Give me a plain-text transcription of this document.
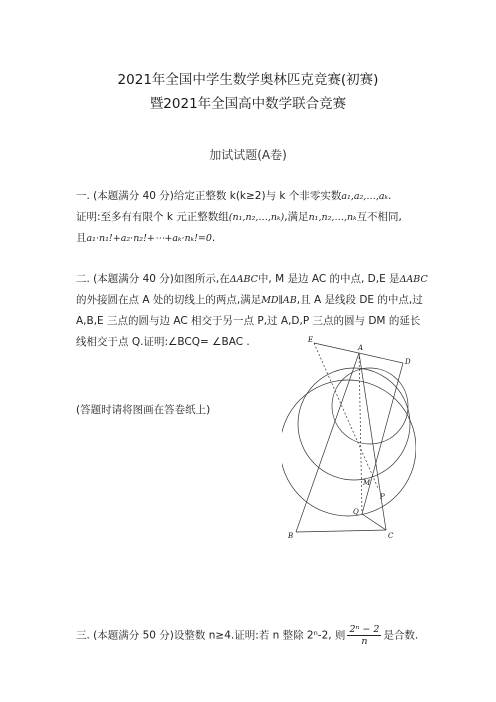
2021年全国中学生数学奥林匹克竞赛(初赛)
暨2021年全国高中数学联合竞赛
加试试题(A卷)
一. (本题满分 40 分)给定正整数 k(k≥2)与 k 个非零实数a₁,a₂,…,aₖ.
证明:至多有有限个 k 元正整数组(n₁,n₂,…,nₖ),满足n₁,n₂,…,nₖ互不相同,
且a₁·n₁!+a₂·n₂!+⋯+aₖ·nₖ!=0.
二. (本题满分 40 分)如图所示,在ΔABC中, M 是边 AC 的中点, D,E 是ΔABC的外接圆在点 A 处的切线上的两点,满足MD∥AB,且 A 是线段 DE 的中点,过 A,B,E 三点的圆与边 AC 相交于另一点 P,过 A,D,P 三点的圆与 DM 的延长线相交于点 Q.证明:∠BCQ= ∠BAC .
(答题时请将图画在答卷纸上)
E
A
D
M
P
Q
B	C
三. (本题满分 50 分)设整数 n≥4.证明:若 n 整除 2ⁿ-2, 则 $\frac{\text{2ⁿ − 2}}{n}$ 是合数.
